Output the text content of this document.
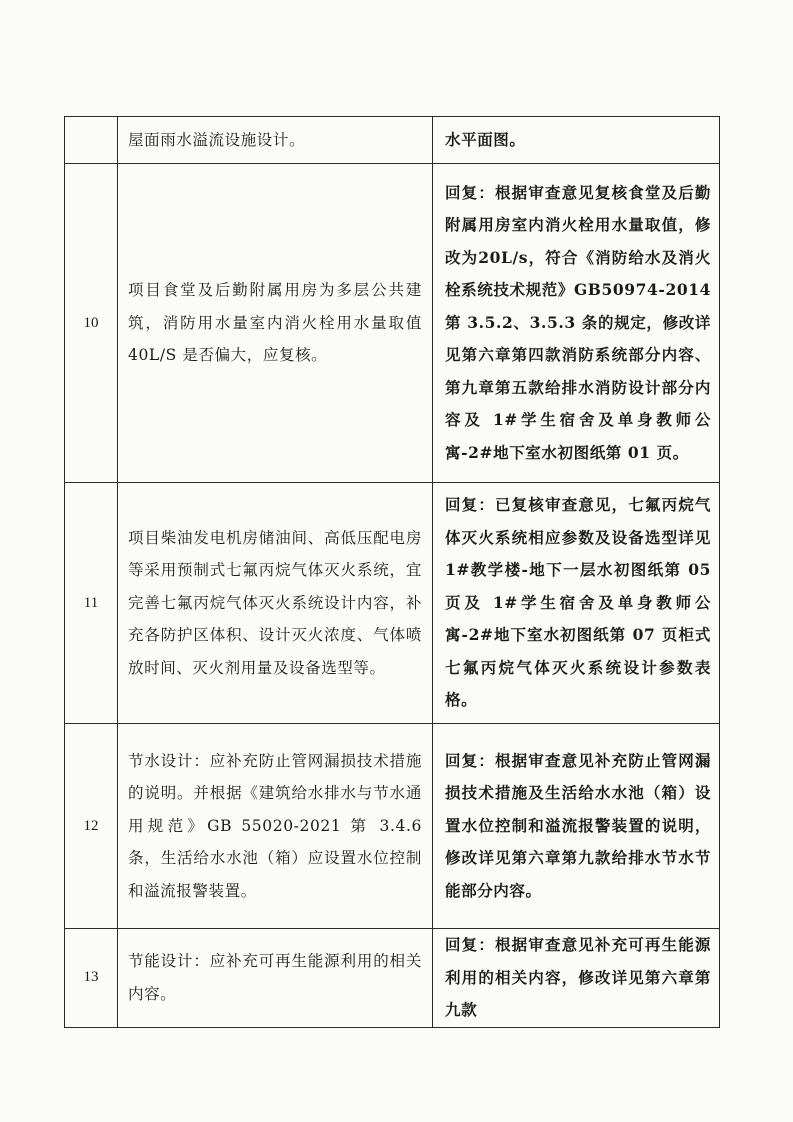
	屋面雨水溢流设施设计。	水平面图。

10	项目食堂及后勤附属用房为多层公共建筑，消防用水量室内消火栓用水量取值 40L/S 是否偏大，应复核。	回复：根据审查意见复核食堂及后勤附属用房室内消火栓用水量取值，修改为20L/s，符合《消防给水及消火栓系统技术规范》GB50974-2014 第 3.5.2、3.5.3 条的规定，修改详见第六章第四款消防系统部分内容、第九章第五款给排水消防设计部分内容及 1#学生宿舍及单身教师公寓-2#地下室水初图纸第 01 页。

11	项目柴油发电机房储油间、高低压配电房等采用预制式七氟丙烷气体灭火系统，宜完善七氟丙烷气体灭火系统设计内容，补充各防护区体积、设计灭火浓度、气体喷放时间、灭火剂用量及设备选型等。	回复：已复核审查意见，七氟丙烷气体灭火系统相应参数及设备选型详见 1#教学楼-地下一层水初图纸第 05 页及 1#学生宿舍及单身教师公寓-2#地下室水初图纸第 07 页柜式七氟丙烷气体灭火系统设计参数表格。

12	节水设计：应补充防止管网漏损技术措施的说明。并根据《建筑给水排水与节水通用规范》GB 55020-2021 第 3.4.6 条，生活给水水池（箱）应设置水位控制和溢流报警装置。	回复：根据审查意见补充防止管网漏损技术措施及生活给水水池（箱）设置水位控制和溢流报警装置的说明，修改详见第六章第九款给排水节水节能部分内容。

13	节能设计：应补充可再生能源利用的相关内容。	回复：根据审查意见补充可再生能源利用的相关内容，修改详见第六章第九款
